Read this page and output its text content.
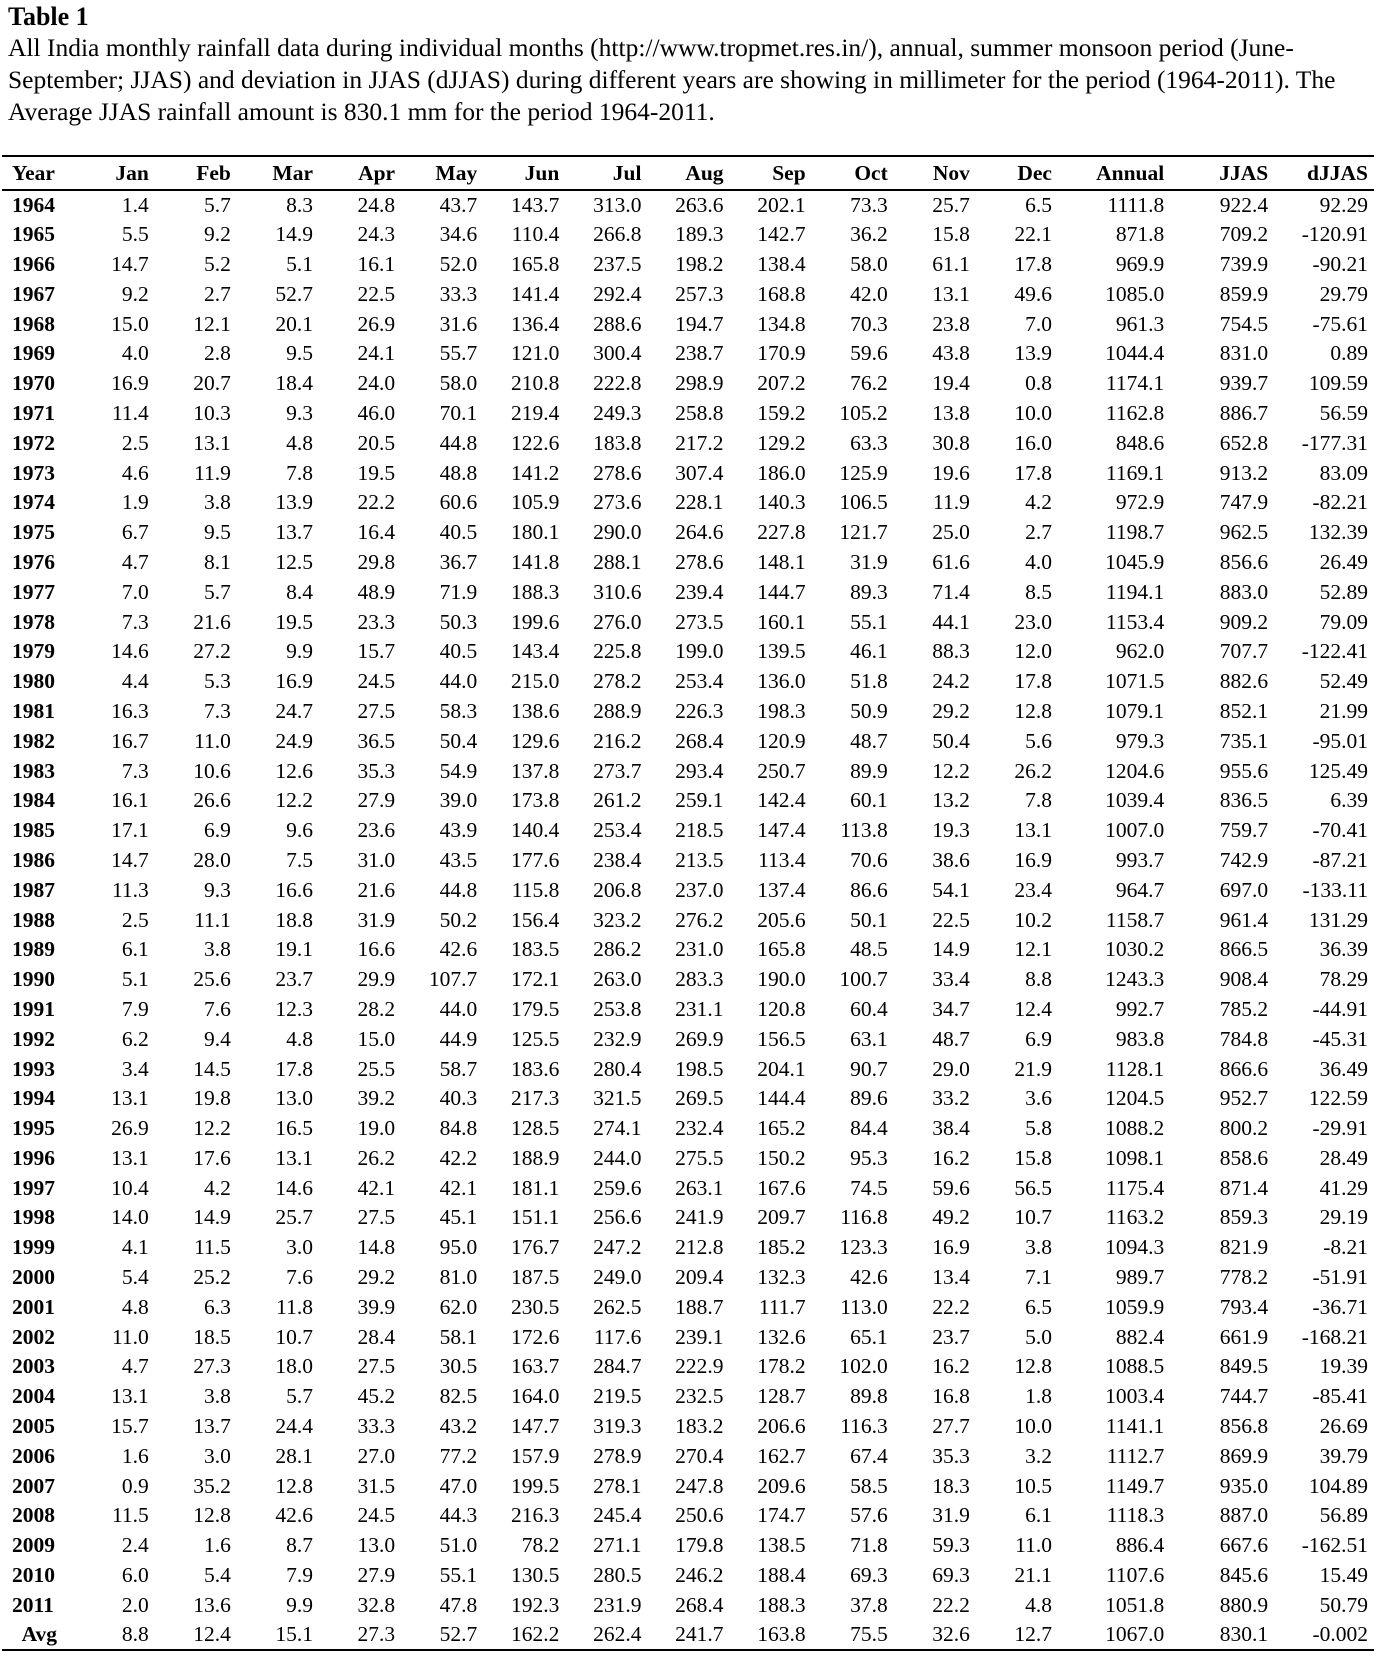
Table 1

All India monthly rainfall data during individual months (http://www.tropmet.res.in/), annual, summer monsoon period (June-September; JJAS) and deviation in JJAS (dJJAS) during different years are showing in millimeter for the period (1964-2011). The Average JJAS rainfall amount is 830.1 mm for the period 1964-2011.

Year	Jan	Feb	Mar	Apr	May	Jun	Jul	Aug	Sep	Oct	Nov	Dec	Annual	JJAS	dJJAS
1964	1.4	5.7	8.3	24.8	43.7	143.7	313.0	263.6	202.1	73.3	25.7	6.5	1111.8	922.4	92.29
1965	5.5	9.2	14.9	24.3	34.6	110.4	266.8	189.3	142.7	36.2	15.8	22.1	871.8	709.2	-120.91
1966	14.7	5.2	5.1	16.1	52.0	165.8	237.5	198.2	138.4	58.0	61.1	17.8	969.9	739.9	-90.21
1967	9.2	2.7	52.7	22.5	33.3	141.4	292.4	257.3	168.8	42.0	13.1	49.6	1085.0	859.9	29.79
1968	15.0	12.1	20.1	26.9	31.6	136.4	288.6	194.7	134.8	70.3	23.8	7.0	961.3	754.5	-75.61
1969	4.0	2.8	9.5	24.1	55.7	121.0	300.4	238.7	170.9	59.6	43.8	13.9	1044.4	831.0	0.89
1970	16.9	20.7	18.4	24.0	58.0	210.8	222.8	298.9	207.2	76.2	19.4	0.8	1174.1	939.7	109.59
1971	11.4	10.3	9.3	46.0	70.1	219.4	249.3	258.8	159.2	105.2	13.8	10.0	1162.8	886.7	56.59
1972	2.5	13.1	4.8	20.5	44.8	122.6	183.8	217.2	129.2	63.3	30.8	16.0	848.6	652.8	-177.31
1973	4.6	11.9	7.8	19.5	48.8	141.2	278.6	307.4	186.0	125.9	19.6	17.8	1169.1	913.2	83.09
1974	1.9	3.8	13.9	22.2	60.6	105.9	273.6	228.1	140.3	106.5	11.9	4.2	972.9	747.9	-82.21
1975	6.7	9.5	13.7	16.4	40.5	180.1	290.0	264.6	227.8	121.7	25.0	2.7	1198.7	962.5	132.39
1976	4.7	8.1	12.5	29.8	36.7	141.8	288.1	278.6	148.1	31.9	61.6	4.0	1045.9	856.6	26.49
1977	7.0	5.7	8.4	48.9	71.9	188.3	310.6	239.4	144.7	89.3	71.4	8.5	1194.1	883.0	52.89
1978	7.3	21.6	19.5	23.3	50.3	199.6	276.0	273.5	160.1	55.1	44.1	23.0	1153.4	909.2	79.09
1979	14.6	27.2	9.9	15.7	40.5	143.4	225.8	199.0	139.5	46.1	88.3	12.0	962.0	707.7	-122.41
1980	4.4	5.3	16.9	24.5	44.0	215.0	278.2	253.4	136.0	51.8	24.2	17.8	1071.5	882.6	52.49
1981	16.3	7.3	24.7	27.5	58.3	138.6	288.9	226.3	198.3	50.9	29.2	12.8	1079.1	852.1	21.99
1982	16.7	11.0	24.9	36.5	50.4	129.6	216.2	268.4	120.9	48.7	50.4	5.6	979.3	735.1	-95.01
1983	7.3	10.6	12.6	35.3	54.9	137.8	273.7	293.4	250.7	89.9	12.2	26.2	1204.6	955.6	125.49
1984	16.1	26.6	12.2	27.9	39.0	173.8	261.2	259.1	142.4	60.1	13.2	7.8	1039.4	836.5	6.39
1985	17.1	6.9	9.6	23.6	43.9	140.4	253.4	218.5	147.4	113.8	19.3	13.1	1007.0	759.7	-70.41
1986	14.7	28.0	7.5	31.0	43.5	177.6	238.4	213.5	113.4	70.6	38.6	16.9	993.7	742.9	-87.21
1987	11.3	9.3	16.6	21.6	44.8	115.8	206.8	237.0	137.4	86.6	54.1	23.4	964.7	697.0	-133.11
1988	2.5	11.1	18.8	31.9	50.2	156.4	323.2	276.2	205.6	50.1	22.5	10.2	1158.7	961.4	131.29
1989	6.1	3.8	19.1	16.6	42.6	183.5	286.2	231.0	165.8	48.5	14.9	12.1	1030.2	866.5	36.39
1990	5.1	25.6	23.7	29.9	107.7	172.1	263.0	283.3	190.0	100.7	33.4	8.8	1243.3	908.4	78.29
1991	7.9	7.6	12.3	28.2	44.0	179.5	253.8	231.1	120.8	60.4	34.7	12.4	992.7	785.2	-44.91
1992	6.2	9.4	4.8	15.0	44.9	125.5	232.9	269.9	156.5	63.1	48.7	6.9	983.8	784.8	-45.31
1993	3.4	14.5	17.8	25.5	58.7	183.6	280.4	198.5	204.1	90.7	29.0	21.9	1128.1	866.6	36.49
1994	13.1	19.8	13.0	39.2	40.3	217.3	321.5	269.5	144.4	89.6	33.2	3.6	1204.5	952.7	122.59
1995	26.9	12.2	16.5	19.0	84.8	128.5	274.1	232.4	165.2	84.4	38.4	5.8	1088.2	800.2	-29.91
1996	13.1	17.6	13.1	26.2	42.2	188.9	244.0	275.5	150.2	95.3	16.2	15.8	1098.1	858.6	28.49
1997	10.4	4.2	14.6	42.1	42.1	181.1	259.6	263.1	167.6	74.5	59.6	56.5	1175.4	871.4	41.29
1998	14.0	14.9	25.7	27.5	45.1	151.1	256.6	241.9	209.7	116.8	49.2	10.7	1163.2	859.3	29.19
1999	4.1	11.5	3.0	14.8	95.0	176.7	247.2	212.8	185.2	123.3	16.9	3.8	1094.3	821.9	-8.21
2000	5.4	25.2	7.6	29.2	81.0	187.5	249.0	209.4	132.3	42.6	13.4	7.1	989.7	778.2	-51.91
2001	4.8	6.3	11.8	39.9	62.0	230.5	262.5	188.7	111.7	113.0	22.2	6.5	1059.9	793.4	-36.71
2002	11.0	18.5	10.7	28.4	58.1	172.6	117.6	239.1	132.6	65.1	23.7	5.0	882.4	661.9	-168.21
2003	4.7	27.3	18.0	27.5	30.5	163.7	284.7	222.9	178.2	102.0	16.2	12.8	1088.5	849.5	19.39
2004	13.1	3.8	5.7	45.2	82.5	164.0	219.5	232.5	128.7	89.8	16.8	1.8	1003.4	744.7	-85.41
2005	15.7	13.7	24.4	33.3	43.2	147.7	319.3	183.2	206.6	116.3	27.7	10.0	1141.1	856.8	26.69
2006	1.6	3.0	28.1	27.0	77.2	157.9	278.9	270.4	162.7	67.4	35.3	3.2	1112.7	869.9	39.79
2007	0.9	35.2	12.8	31.5	47.0	199.5	278.1	247.8	209.6	58.5	18.3	10.5	1149.7	935.0	104.89
2008	11.5	12.8	42.6	24.5	44.3	216.3	245.4	250.6	174.7	57.6	31.9	6.1	1118.3	887.0	56.89
2009	2.4	1.6	8.7	13.0	51.0	78.2	271.1	179.8	138.5	71.8	59.3	11.0	886.4	667.6	-162.51
2010	6.0	5.4	7.9	27.9	55.1	130.5	280.5	246.2	188.4	69.3	69.3	21.1	1107.6	845.6	15.49
2011	2.0	13.6	9.9	32.8	47.8	192.3	231.9	268.4	188.3	37.8	22.2	4.8	1051.8	880.9	50.79
Avg	8.8	12.4	15.1	27.3	52.7	162.2	262.4	241.7	163.8	75.5	32.6	12.7	1067.0	830.1	-0.002
